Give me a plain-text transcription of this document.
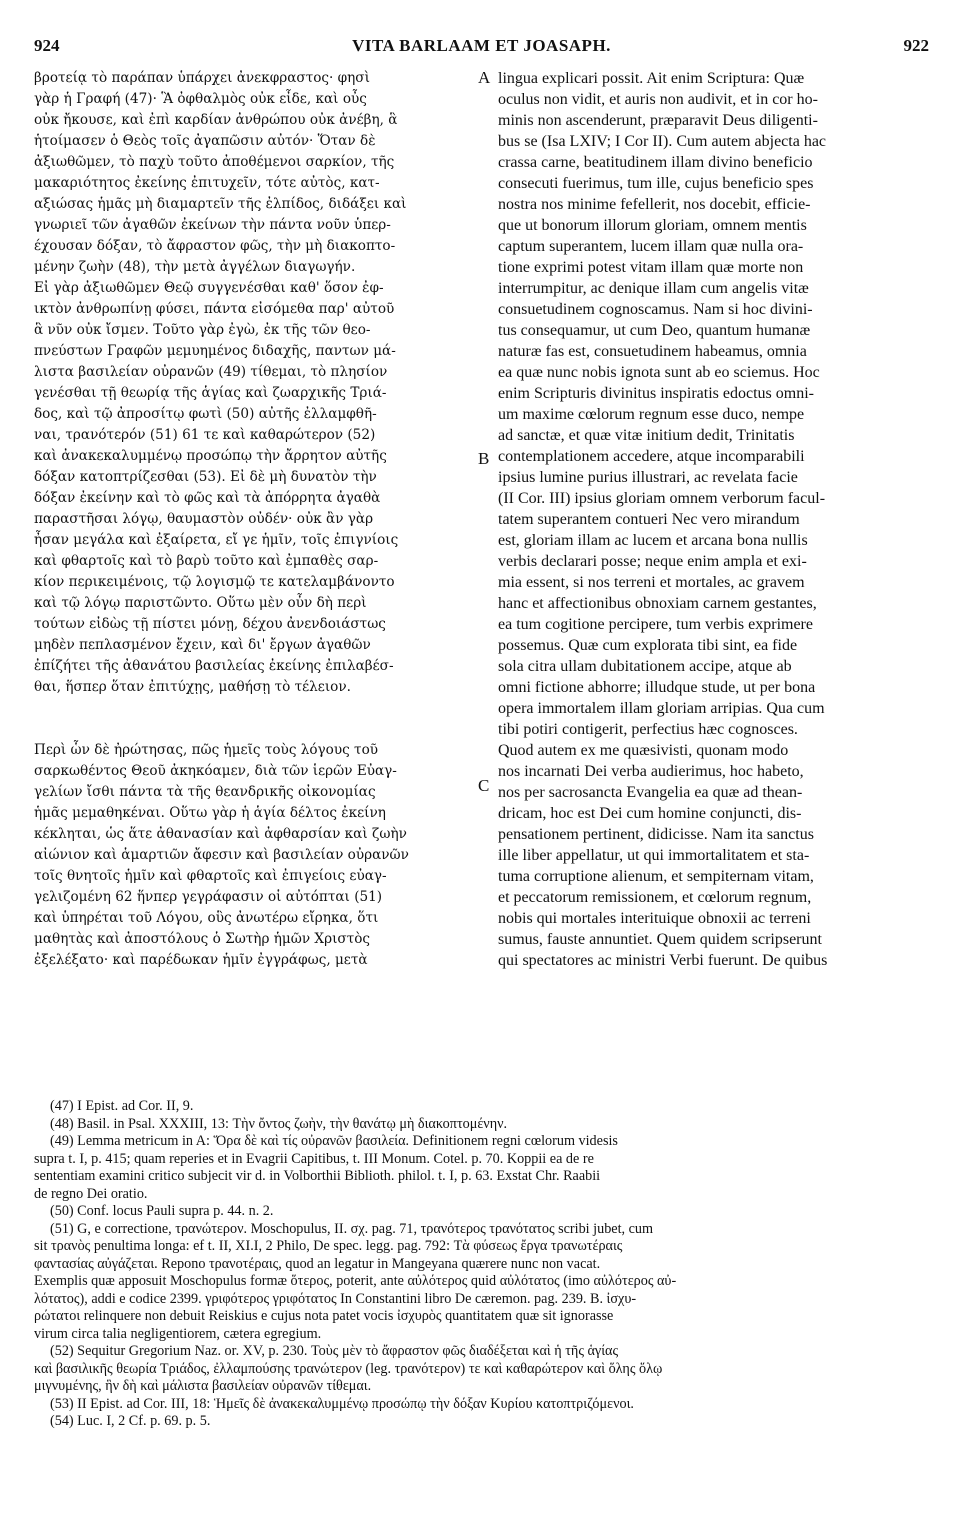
924	VITA BARLAAM ET JOASAPH.	922
βροτείᾳ τὸ παράπαν ὑπάρχει ἀνεκφραστος· φησὶ
γὰρ ἡ Γραφή (47)· Ἃ ὀφθαλμὸς οὐκ εἶδε, καὶ οὖς
οὐκ ἤκουσε, καὶ ἐπὶ καρδίαν ἀνθρώπου οὐκ ἀνέβη, ἃ
ἡτοίμασεν ὁ Θεὸς τοῖς ἀγαπῶσιν αὐτόν· Ὅταν δὲ
ἀξιωθῶμεν, τὸ παχὺ τοῦτο ἀποθέμενοι σαρκίον, τῆς
μακαριότητος ἐκείνης ἐπιτυχεῖν, τότε αὐτὸς, κατ-
αξιώσας ἡμᾶς μὴ διαμαρτεῖν τῆς ἐλπίδος, διδάξει καὶ
γνωριεῖ τῶν ἀγαθῶν ἐκείνων τὴν πάντα νοῦν ὑπερ-
έχουσαν δόξαν, τὸ ἄφραστον φῶς, τὴν μὴ διακοπτο-
μένην ζωὴν (48), τὴν μετὰ ἀγγέλων διαγωγήν.
Εἰ γὰρ ἀξιωθῶμεν Θεῷ συγγενέσθαι καθ' ὅσον ἐφ-
ικτὸν ἀνθρωπίνῃ φύσει, πάντα εἰσόμεθα παρ' αὐτοῦ
ἃ νῦν οὐκ ἴσμεν. Τοῦτο γὰρ ἐγὼ, ἐκ τῆς τῶν θεο-
πνεύστων Γραφῶν μεμυημένος διδαχῆς, παντων μά-
λιστα βασιλείαν οὐρανῶν (49) τίθεμαι, τὸ πλησίον
γενέσθαι τῇ θεωρίᾳ τῆς ἁγίας καὶ ζωαρχικῆς Τριά-
δος, καὶ τῷ ἀπροσίτῳ φωτὶ (50) αὐτῆς ἐλλαμφθῆ-
ναι, τρανότερόν (51) 61 τε καὶ καθαρώτερον (52)
καὶ ἀνακεκαλυμμένῳ προσώπῳ τὴν ἄρρητον αὐτῆς
δόξαν κατοπτρίζεσθαι (53). Εἰ δὲ μὴ δυνατὸν τὴν
δόξαν ἐκείνην καὶ τὸ φῶς καὶ τὰ ἀπόρρητα ἀγαθὰ
παραστῆσαι λόγῳ, θαυμαστὸν οὐδέν· οὐκ ἂν γὰρ
ἦσαν μεγάλα καὶ ἐξαίρετα, εἴ γε ἡμῖν, τοῖς ἐπιγνίοις
καὶ φθαρτοῖς καὶ τὸ βαρὺ τοῦτο καὶ ἐμπαθὲς σαρ-
κίον περικειμένοις, τῷ λογισμῷ τε κατελαμβάνοντο
καὶ τῷ λόγῳ παριστῶντο. Οὕτω μὲν οὖν δὴ περὶ
τούτων εἰδὼς τῇ πίστει μόνῃ, δέχου ἀνενδοιάστως
μηδὲν πεπλασμένον ἔχειν, καὶ δι' ἔργων ἀγαθῶν
ἐπίζήτει τῆς ἀθανάτου βασιλείας ἐκείνης ἐπιλαβέσ-
θαι, ἥσπερ ὅταν ἐπιτύχῃς, μαθήσῃ τὸ τέλειον.
Περὶ ὧν δὲ ἠρώτησας, πῶς ἡμεῖς τοὺς λόγους τοῦ
σαρκωθέντος Θεοῦ ἀκηκόαμεν, διὰ τῶν ἱερῶν Εὐαγ-
γελίων ἴσθι πάντα τὰ τῆς θεανδρικῆς οἰκονομίας
ἡμᾶς μεμαθηκέναι. Οὕτω γὰρ ἡ ἁγία δέλτος ἐκείνη
κέκληται, ὡς ἅτε ἀθανασίαν καὶ ἀφθαρσίαν καὶ ζωὴν
αἰώνιον καὶ ἁμαρτιῶν ἄφεσιν καὶ βασιλείαν οὐρανῶν
τοῖς θνητοῖς ἡμῖν καὶ φθαρτοῖς καὶ ἐπιγείοις εὐαγ-
γελιζομένη 62 ἥνπερ γεγράφασιν οἱ αὐτόπται (51)
καὶ ὑπηρέται τοῦ Λόγου, οὓς ἀνωτέρω εἴρηκα, ὅτι
μαθητὰς καὶ ἀποστόλους ὁ Σωτὴρ ἡμῶν Χριστὸς
ἐξελέξατο· καὶ παρέδωκαν ἡμῖν ἐγγράφως, μετὰ
A
B
C
lingua explicari possit. Ait enim Scriptura: Quæ
oculus non vidit, et auris non audivit, et in cor ho-
minis non ascenderunt, præparavit Deus diligenti-
bus se (Isa LXIV; I Cor II). Cum autem abjecta hac
crassa carne, beatitudinem illam divino beneficio
consecuti fuerimus, tum ille, cujus beneficio spes
nostra nos minime fefellerit, nos docebit, efficie-
que ut bonorum illorum gloriam, omnem mentis
captum superantem, lucem illam quæ nulla ora-
tione exprimi potest vitam illam quæ morte non
interrumpitur, ac denique illam cum angelis vitæ
consuetudinem cognoscamus. Nam si hoc divini-
tus consequamur, ut cum Deo, quantum humanæ
naturæ fas est, consuetudinem habeamus, omnia
ea quæ nunc nobis ignota sunt ab eo sciemus. Hoc
enim Scripturis divinitus inspiratis edoctus omni-
um maxime cœlorum regnum esse duco, nempe
ad sanctæ, et quæ vitæ initium dedit, Trinitatis
contemplationem accedere, atque incomparabili
ipsius lumine purius illustrari, ac revelata facie
(II Cor. III) ipsius gloriam omnem verborum facul-
tatem superantem contueri Nec vero mirandum
est, gloriam illam ac lucem et arcana bona nullis
verbis declarari posse; neque enim ampla et exi-
mia essent, si nos terreni et mortales, ac gravem
hanc et affectionibus obnoxiam carnem gestantes,
ea tum cogitione percipere, tum verbis exprimere
possemus. Quæ cum explorata tibi sint, ea fide
sola citra ullam dubitationem accipe, atque ab
omni fictione abhorre; illudque stude, ut per bona
opera immortalem illam gloriam arripias. Qua cum
tibi potiri contigerit, perfectius hæc cognosces.
Quod autem ex me quæsivisti, quonam modo
nos incarnati Dei verba audierimus, hoc habeto,
nos per sacrosancta Evangelia ea quæ ad thean-
dricam, hoc est Dei cum homine conjuncti, dis-
pensationem pertinent, didicisse. Nam ita sanctus
ille liber appellatur, ut qui immortalitatem et sta-
tuma corruptione alienum, et sempiternam vitam,
et peccatorum remissionem, et cœlorum regnum,
nobis qui mortales interituique obnoxii ac terreni
sumus, fauste annuntiet. Quem quidem scripserunt
qui spectatores ac ministri Verbi fuerunt. De quibus
(47) I Epist. ad Cor. II, 9.
(48) Basil. in Psal. XXXIII, 13: Τὴν ὄντος ζωὴν, τὴν θανάτῳ μὴ διακοπτομένην.
(49) Lemma metricum in A: Ὅρα δὲ καὶ τίς οὐρανῶν βασιλεία. Definitionem regni cœlorum videsis
supra t. I, p. 415; quam reperies et in Evagrii Capitibus, t. III Monum. Cotel. p. 70. Koppii ea de re
sententiam examini critico subjecit vir d. in Volborthii Biblioth. philol. t. I, p. 63. Exstat Chr. Raabii
de regno Dei oratio.
(50) Conf. locus Pauli supra p. 44. n. 2.
(51) G, e correctione, τρανώτερον. Moschopulus, II. σχ. pag. 71, τρανότερος τρανότατος scribi jubet, cum
sit τρανὸς penultima longa: ef t. II, XI.I, 2 Philo, De spec. legg. pag. 792: Τὰ φύσεως ἔργα τρανωτέραις
φαντασίας αὐγάζεται. Repono τρανοτέραις, quod an legatur in Mangeyana quærere nunc non vacat.
Exemplis quæ apposuit Moschopulus formæ ὅτερος, poterit, ante αὐλότερος quid αὐλότατος (imo αὐλότερος αὐ-
λότατος), addi e codice 2399. γριφότερος γριφότατος In Constantini libro De cæremon. pag. 239. B. ἰσχυ-
ρώτατοι relinquere non debuit Reiskius e cujus nota patet vocis ἰσχυρὸς quantitatem quæ sit ignorasse
virum circa talia negligentiorem, cætera egregium.
(52) Sequitur Gregorium Naz. or. XV, p. 230. Τοὺς μὲν τὸ ἄφραστον φῶς διαδέξεται καὶ ἡ τῆς ἁγίας
καὶ βασιλικῆς θεωρία Τριάδος, ἐλλαμπούσης τρανώτερον (leg. τρανότερον) τε καὶ καθαρώτερον καὶ ὅλης ὅλῳ
μιγνυμένης, ἣν δὴ καὶ μάλιστα βασιλείαν οὐρανῶν τίθεμαι.
(53) II Epist. ad Cor. III, 18: Ἡμεῖς δὲ ἀνακεκαλυμμένῳ προσώπῳ τὴν δόξαν Κυρίου κατοπτριζόμενοι.
(54) Luc. I, 2 Cf. p. 69. p. 5.
